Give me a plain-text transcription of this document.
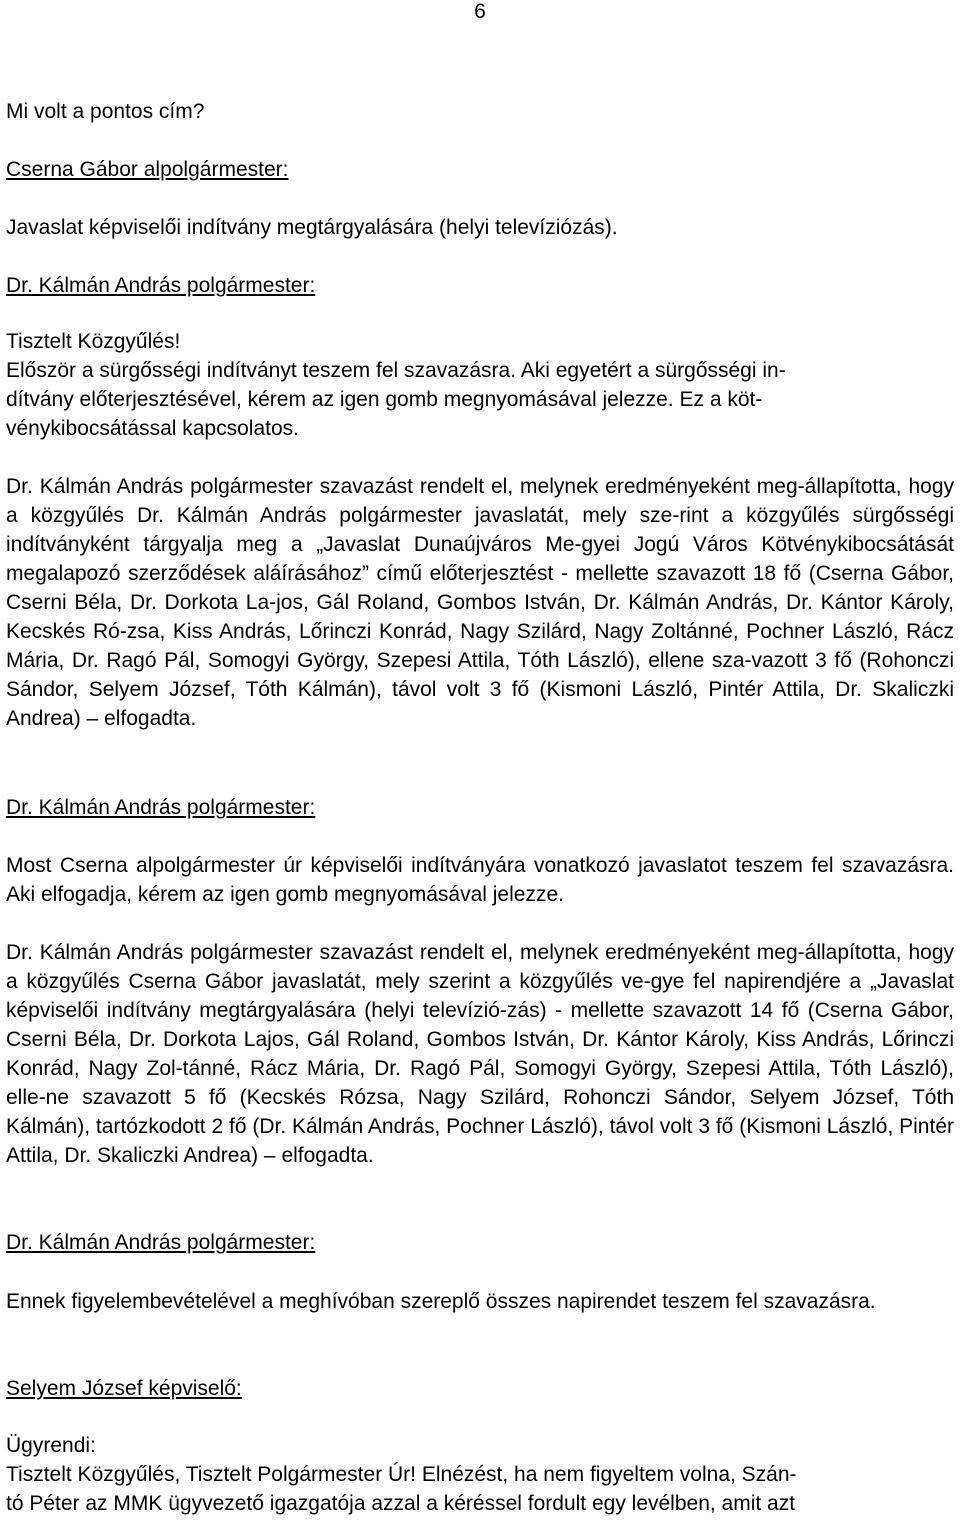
6
Mi volt a pontos cím?
Cserna Gábor alpolgármester:
Javaslat képviselői indítvány megtárgyalására (helyi televíziózás).
Dr. Kálmán András polgármester:
Tisztelt Közgyűlés!
Először a sürgősségi indítványt teszem fel szavazásra. Aki egyetért a sürgősségi in-
dítvány előterjesztésével, kérem az igen gomb megnyomásával jelezze. Ez a köt-
vénykibocsátással kapcsolatos.
Dr. Kálmán András polgármester szavazást rendelt el, melynek eredményeként meg-állapította, hogy a közgyűlés Dr. Kálmán András polgármester javaslatát, mely sze-rint a közgyűlés sürgősségi indítványként tárgyalja meg a „Javaslat Dunaújváros Me-gyei Jogú Város Kötvénykibocsátását megalapozó szerződések aláírásához” című előterjesztést - mellette szavazott 18 fő (Cserna Gábor, Cserni Béla, Dr. Dorkota La-jos, Gál Roland, Gombos István, Dr. Kálmán András, Dr. Kántor Károly, Kecskés Ró-zsa, Kiss András, Lőrinczi Konrád, Nagy Szilárd, Nagy Zoltánné, Pochner László, Rácz Mária, Dr. Ragó Pál, Somogyi György, Szepesi Attila, Tóth László), ellene sza-vazott 3 fő (Rohonczi Sándor, Selyem József, Tóth Kálmán), távol volt 3 fő (Kismoni László, Pintér Attila, Dr. Skaliczki Andrea) – elfogadta.
Dr. Kálmán András polgármester:
Most Cserna alpolgármester úr képviselői indítványára vonatkozó javaslatot teszem fel szavazásra. Aki elfogadja, kérem az igen gomb megnyomásával jelezze.
Dr. Kálmán András polgármester szavazást rendelt el, melynek eredményeként meg-állapította, hogy a közgyűlés Cserna Gábor javaslatát, mely szerint a közgyűlés ve-gye fel napirendjére a „Javaslat képviselői indítvány megtárgyalására (helyi televízió-zás) - mellette szavazott 14 fő (Cserna Gábor, Cserni Béla, Dr. Dorkota Lajos, Gál Roland, Gombos István, Dr. Kántor Károly, Kiss András, Lőrinczi Konrád, Nagy Zol-tánné, Rácz Mária, Dr. Ragó Pál, Somogyi György, Szepesi Attila, Tóth László), elle-ne szavazott 5 fő (Kecskés Rózsa, Nagy Szilárd, Rohonczi Sándor, Selyem József, Tóth Kálmán), tartózkodott 2 fő (Dr. Kálmán András, Pochner László), távol volt 3 fő (Kismoni László, Pintér Attila, Dr. Skaliczki Andrea) – elfogadta.
Dr. Kálmán András polgármester:
Ennek figyelembevételével a meghívóban szereplő összes napirendet teszem fel szavazásra.
Selyem József képviselő:
Ügyrendi:
Tisztelt Közgyűlés, Tisztelt Polgármester Úr! Elnézést, ha nem figyeltem volna, Szán-
tó Péter az MMK ügyvezető igazgatója azzal a kéréssel fordult egy levélben, amit azt
